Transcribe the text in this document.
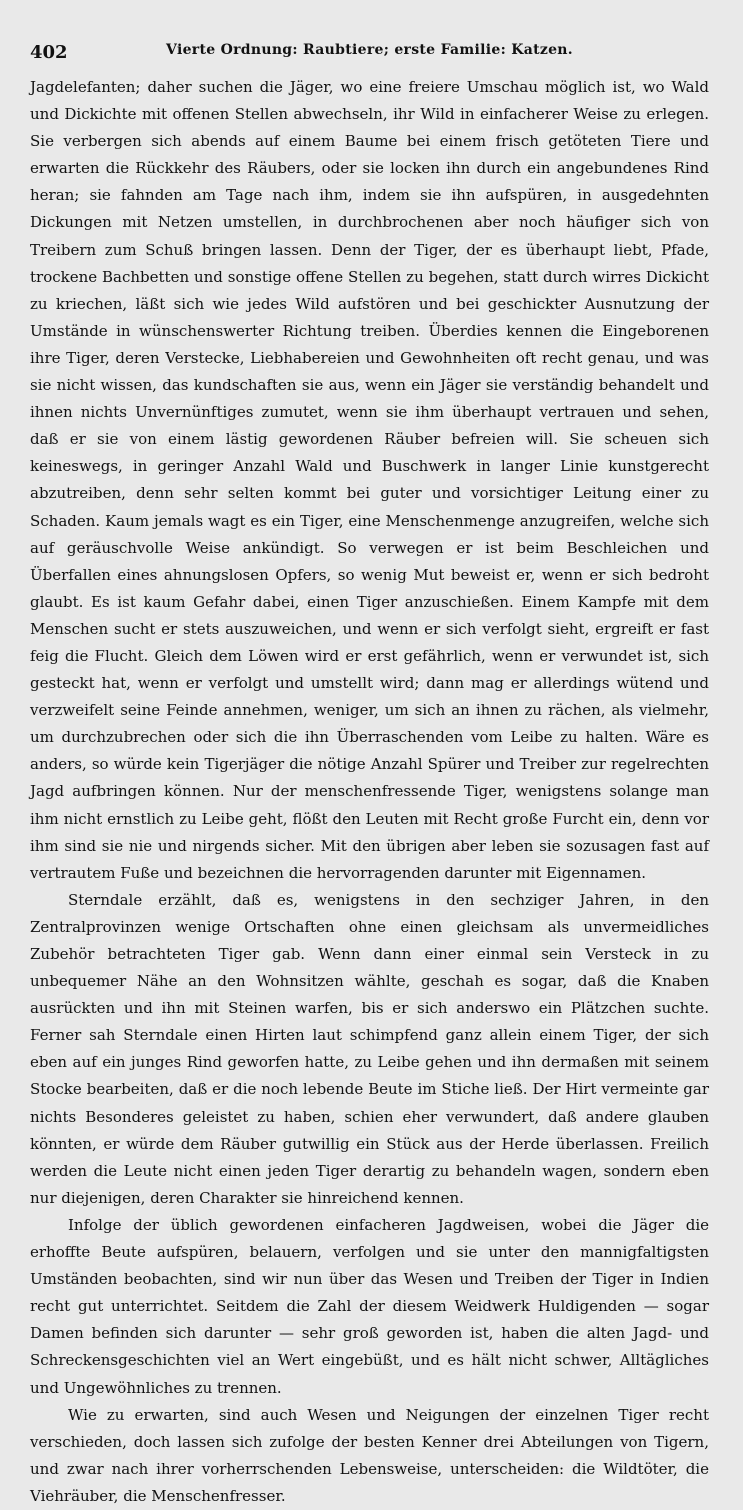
402	Vierte Ordnung: Raubtiere; erste Familie: Katzen.

Jagdelefanten; daher suchen die Jäger, wo eine freiere Umschau möglich ist, wo Wald und Dickichte mit offenen Stellen abwechseln, ihr Wild in einfacherer Weise zu erlegen. Sie verbergen sich abends auf einem Baume bei einem frisch getöteten Tiere und erwarten die Rückkehr des Räubers, oder sie locken ihn durch ein angebundenes Rind heran; sie fahnden am Tage nach ihm, indem sie ihn aufspüren, in ausgedehnten Dickungen mit Netzen umstellen, in durchbrochenen aber noch häufiger sich von Treibern zum Schuß bringen lassen. Denn der Tiger, der es überhaupt liebt, Pfade, trockene Bachbetten und sonstige offene Stellen zu begehen, statt durch wirres Dickicht zu kriechen, läßt sich wie jedes Wild aufstören und bei geschickter Ausnutzung der Umstände in wünschenswerter Richtung treiben. Überdies kennen die Eingeborenen ihre Tiger, deren Verstecke, Liebhabereien und Gewohnheiten oft recht genau, und was sie nicht wissen, das kundschaften sie aus, wenn ein Jäger sie verständig behandelt und ihnen nichts Unvernünftiges zumutet, wenn sie ihm überhaupt vertrauen und sehen, daß er sie von einem lästig gewordenen Räuber befreien will. Sie scheuen sich keineswegs, in geringer Anzahl Wald und Buschwerk in langer Linie kunstgerecht abzutreiben, denn sehr selten kommt bei guter und vorsichtiger Leitung einer zu Schaden. Kaum jemals wagt es ein Tiger, eine Menschenmenge anzugreifen, welche sich auf geräuschvolle Weise ankündigt. So verwegen er ist beim Beschleichen und Überfallen eines ahnungslosen Opfers, so wenig Mut beweist er, wenn er sich bedroht glaubt. Es ist kaum Gefahr dabei, einen Tiger anzuschießen. Einem Kampfe mit dem Menschen sucht er stets auszuweichen, und wenn er sich verfolgt sieht, ergreift er fast feig die Flucht. Gleich dem Löwen wird er erst gefährlich, wenn er verwundet ist, sich gesteckt hat, wenn er verfolgt und umstellt wird; dann mag er allerdings wütend und verzweifelt seine Feinde annehmen, weniger, um sich an ihnen zu rächen, als vielmehr, um durchzubrechen oder sich die ihn Überraschenden vom Leibe zu halten. Wäre es anders, so würde kein Tigerjäger die nötige Anzahl Spürer und Treiber zur regelrechten Jagd aufbringen können. Nur der menschenfressende Tiger, wenigstens solange man ihm nicht ernstlich zu Leibe geht, flößt den Leuten mit Recht große Furcht ein, denn vor ihm sind sie nie und nirgends sicher. Mit den übrigen aber leben sie sozusagen fast auf vertrautem Fuße und bezeichnen die hervorragenden darunter mit Eigennamen.

Sterndale erzählt, daß es, wenigstens in den sechziger Jahren, in den Zentralprovinzen wenige Ortschaften ohne einen gleichsam als unvermeidliches Zubehör betrachteten Tiger gab. Wenn dann einer einmal sein Versteck in zu unbequemer Nähe an den Wohnsitzen wählte, geschah es sogar, daß die Knaben ausrückten und ihn mit Steinen warfen, bis er sich anderswo ein Plätzchen suchte. Ferner sah Sterndale einen Hirten laut schimpfend ganz allein einem Tiger, der sich eben auf ein junges Rind geworfen hatte, zu Leibe gehen und ihn dermaßen mit seinem Stocke bearbeiten, daß er die noch lebende Beute im Stiche ließ. Der Hirt vermeinte gar nichts Besonderes geleistet zu haben, schien eher verwundert, daß andere glauben könnten, er würde dem Räuber gutwillig ein Stück aus der Herde überlassen. Freilich werden die Leute nicht einen jeden Tiger derartig zu behandeln wagen, sondern eben nur diejenigen, deren Charakter sie hinreichend kennen.

Infolge der üblich gewordenen einfacheren Jagdweisen, wobei die Jäger die erhoffte Beute aufspüren, belauern, verfolgen und sie unter den mannigfaltigsten Umständen beobachten, sind wir nun über das Wesen und Treiben der Tiger in Indien recht gut unterrichtet. Seitdem die Zahl der diesem Weidwerk Huldigenden — sogar Damen befinden sich darunter — sehr groß geworden ist, haben die alten Jagd- und Schreckensgeschichten viel an Wert eingebüßt, und es hält nicht schwer, Alltägliches und Ungewöhnliches zu trennen.

Wie zu erwarten, sind auch Wesen und Neigungen der einzelnen Tiger recht verschieden, doch lassen sich zufolge der besten Kenner drei Abteilungen von Tigern, und zwar nach ihrer vorherrschenden Lebensweise, unterscheiden: die Wildtöter, die Viehräuber, die Menschenfresser.
